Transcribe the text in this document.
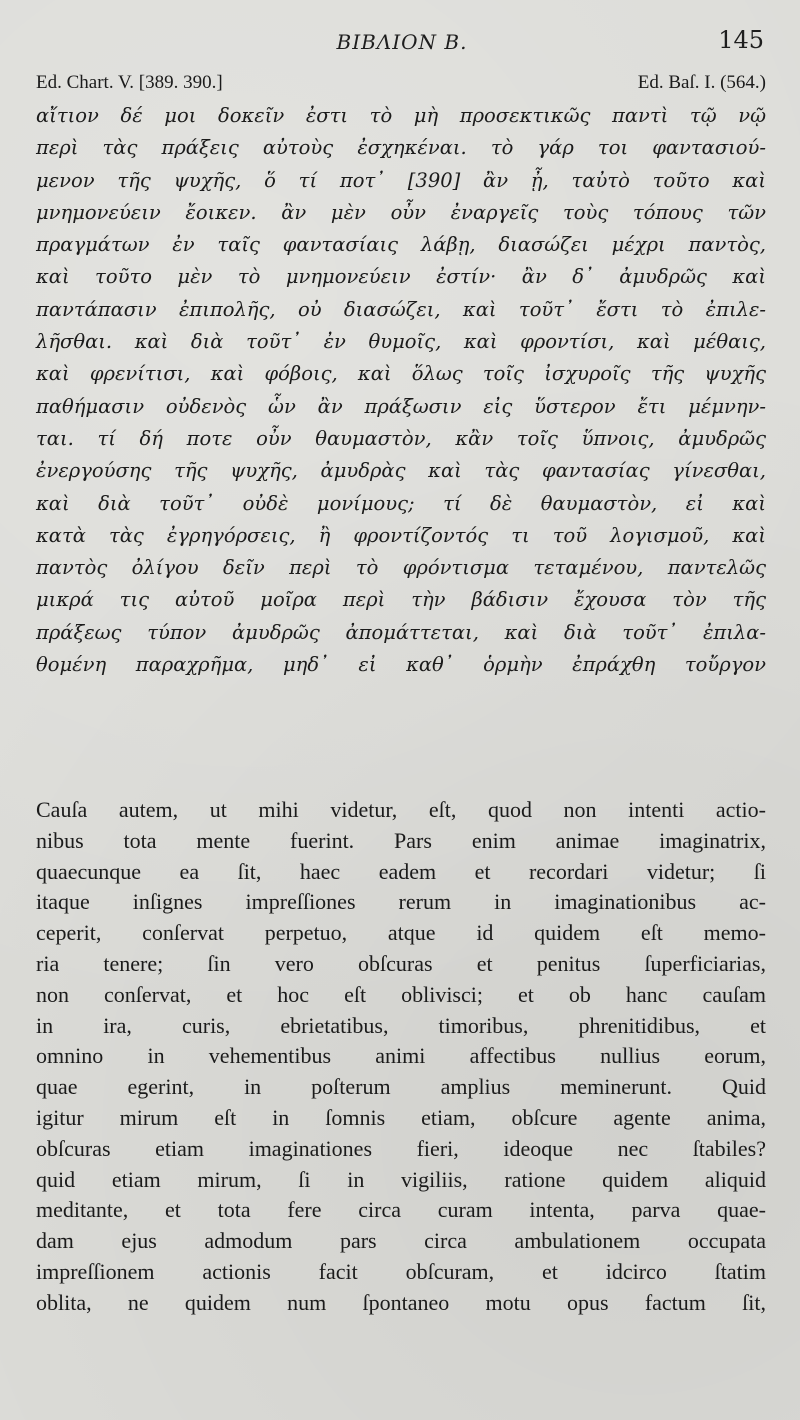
ΒΙΒΛΙΟΝ Β.	145
Ed. Chart. V. [389. 390.]	Ed. Baſ. I. (564.)
αἴτιον δέ μοι δοκεῖν ἐστι τὸ μὴ προσεκτικῶς παντὶ τῷ νῷ
περὶ τὰς πράξεις αὐτοὺς ἐσχηκέναι. τὸ γάρ τοι φαντασιού-
μενον τῆς ψυχῆς, ὅ τί ποτ᾽ [390] ἂν ᾖ, ταὐτὸ τοῦτο καὶ
μνημονεύειν ἔοικεν. ἂν μὲν οὖν ἐναργεῖς τοὺς τόπους τῶν
πραγμάτων ἐν ταῖς φαντασίαις λάβῃ, διασώζει μέχρι παντὸς,
καὶ τοῦτο μὲν τὸ μνημονεύειν ἐστίν· ἂν δ᾽ ἀμυδρῶς καὶ
παντάπασιν ἐπιπολῆς, οὐ διασώζει, καὶ τοῦτ᾽ ἔστι τὸ ἐπιλε-
λῆσθαι. καὶ διὰ τοῦτ᾽ ἐν θυμοῖς, καὶ φροντίσι, καὶ μέθαις,
καὶ φρενίτισι, καὶ φόβοις, καὶ ὅλως τοῖς ἰσχυροῖς τῆς ψυχῆς
παθήμασιν οὐδενὸς ὧν ἂν πράξωσιν εἰς ὕστερον ἔτι μέμνην-
ται. τί δή ποτε οὖν θαυμαστὸν, κἂν τοῖς ὕπνοις, ἀμυδρῶς
ἐνεργούσης τῆς ψυχῆς, ἀμυδρὰς καὶ τὰς φαντασίας γίνεσθαι,
καὶ διὰ τοῦτ᾽ οὐδὲ μονίμους; τί δὲ θαυμαστὸν, εἰ καὶ
κατὰ τὰς ἐγρηγόρσεις, ἢ φροντίζοντός τι τοῦ λογισμοῦ, καὶ
παντὸς ὀλίγου δεῖν περὶ τὸ φρόντισμα τεταμένου, παντελῶς
μικρά τις αὐτοῦ μοῖρα περὶ τὴν βάδισιν ἔχουσα τὸν τῆς
πράξεως τύπον ἀμυδρῶς ἀπομάττεται, καὶ διὰ τοῦτ᾽ ἐπιλα-
θομένη παραχρῆμα, μηδ᾽ εἰ καθ᾽ ὁρμὴν ἐπράχθη τοὔργον
Cauſa autem, ut mihi videtur, eſt, quod non intenti actio-
nibus tota mente fuerint. Pars enim animae imaginatrix,
quaecunque ea ſit, haec eadem et recordari videtur; ſi
itaque inſignes impreſſiones rerum in imaginationibus ac-
ceperit, conſervat perpetuo, atque id quidem eſt memo-
ria tenere; ſin vero obſcuras et penitus ſuperficiarias,
non conſervat, et hoc eſt oblivisci; et ob hanc cauſam
in ira, curis, ebrietatibus, timoribus, phrenitidibus, et
omnino in vehementibus animi affectibus nullius eorum,
quae egerint, in poſterum amplius meminerunt. Quid
igitur mirum eſt in ſomnis etiam, obſcure agente anima,
obſcuras etiam imaginationes fieri, ideoque nec ſtabiles?
quid etiam mirum, ſi in vigiliis, ratione quidem aliquid
meditante, et tota fere circa curam intenta, parva quae-
dam ejus admodum pars circa ambulationem occupata
impreſſionem actionis facit obſcuram, et idcirco ſtatim
oblita, ne quidem num ſpontaneo motu opus factum ſit,
